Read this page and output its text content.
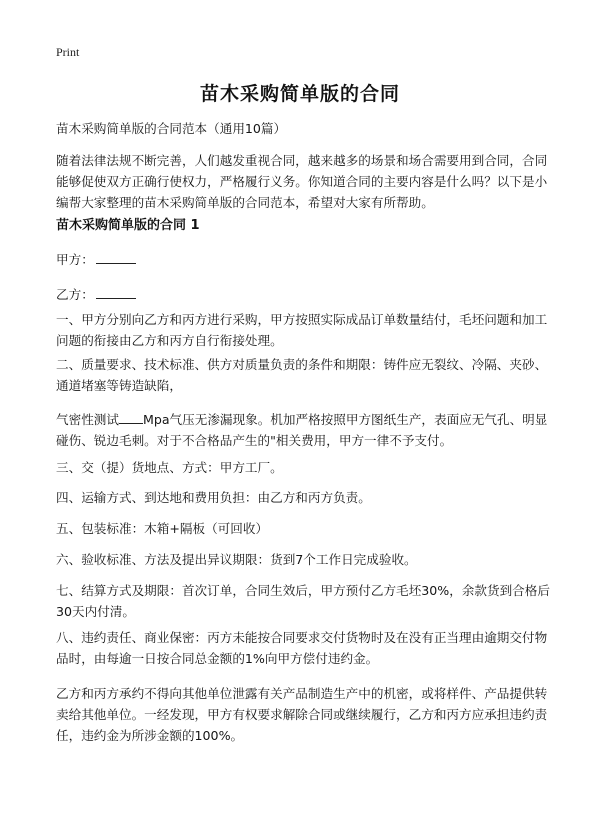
Print
苗木采购简单版的合同
苗木采购简单版的合同范本（通用10篇）
随着法律法规不断完善，人们越发重视合同，越来越多的场景和场合需要用到合同，合同能够促使双方正确行使权力，严格履行义务。你知道合同的主要内容是什么吗？以下是小编帮大家整理的苗木采购简单版的合同范本，希望对大家有所帮助。
苗木采购简单版的合同 1
甲方：
乙方：
一、甲方分别向乙方和丙方进行采购，甲方按照实际成品订单数量结付，毛坯问题和加工问题的衔接由乙方和丙方自行衔接处理。
二、质量要求、技术标准、供方对质量负责的条件和期限：铸件应无裂纹、冷隔、夹砂、通道堵塞等铸造缺陷，
气密性测试 Mpa气压无渗漏现象。机加严格按照甲方图纸生产，表面应无气孔、明显碰伤、锐边毛刺。对于不合格品产生的"相关费用，甲方一律不予支付。
三、交（提）货地点、方式：甲方工厂。
四、运输方式、到达地和费用负担：由乙方和丙方负责。
五、包装标准：木箱+隔板（可回收）
六、验收标准、方法及提出异议期限：货到7个工作日完成验收。
七、结算方式及期限：首次订单，合同生效后，甲方预付乙方毛坯30%，余款货到合格后30天内付清。
八、违约责任、商业保密：丙方未能按合同要求交付货物时及在没有正当理由逾期交付物品时，由每逾一日按合同总金额的1%向甲方偿付违约金。
乙方和丙方承约不得向其他单位泄露有关产品制造生产中的机密，或将样件、产品提供转卖给其他单位。一经发现，甲方有权要求解除合同或继续履行，乙方和丙方应承担违约责任，违约金为所涉金额的100%。
